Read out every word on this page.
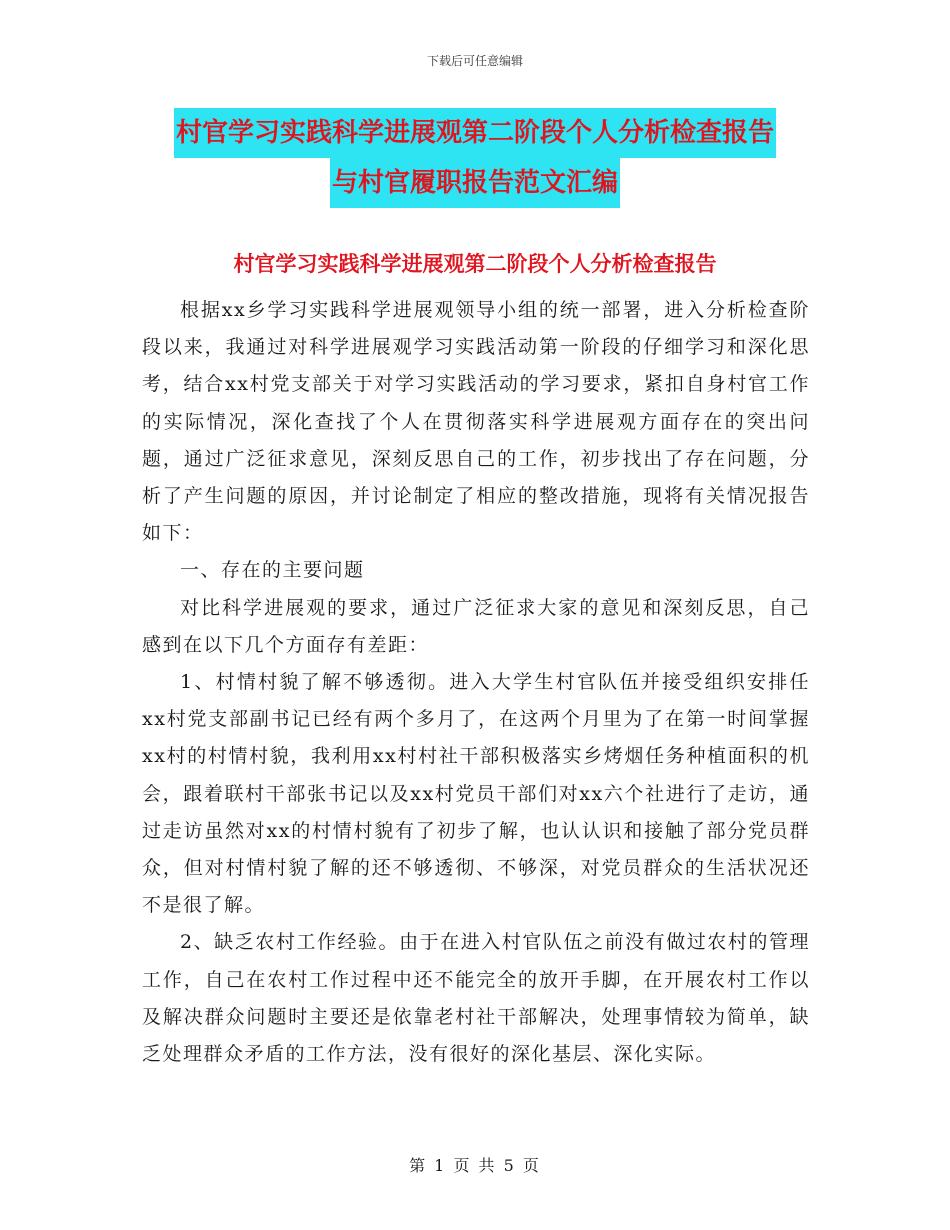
下载后可任意编辑
村官学习实践科学进展观第二阶段个人分析检查报告
与村官履职报告范文汇编
村官学习实践科学进展观第二阶段个人分析检查报告

根据xx乡学习实践科学进展观领导小组的统一部署，进入分析检查阶段以来，我通过对科学进展观学习实践活动第一阶段的仔细学习和深化思考，结合xx村党支部关于对学习实践活动的学习要求，紧扣自身村官工作的实际情况，深化查找了个人在贯彻落实科学进展观方面存在的突出问题，通过广泛征求意见，深刻反思自己的工作，初步找出了存在问题，分析了产生问题的原因，并讨论制定了相应的整改措施，现将有关情况报告如下：

一、存在的主要问题

对比科学进展观的要求，通过广泛征求大家的意见和深刻反思，自己感到在以下几个方面存有差距：

1、村情村貌了解不够透彻。进入大学生村官队伍并接受组织安排任xx村党支部副书记已经有两个多月了，在这两个月里为了在第一时间掌握xx村的村情村貌，我利用xx村村社干部积极落实乡烤烟任务种植面积的机会，跟着联村干部张书记以及xx村党员干部们对xx六个社进行了走访，通过走访虽然对xx的村情村貌有了初步了解，也认认识和接触了部分党员群众，但对村情村貌了解的还不够透彻、不够深，对党员群众的生活状况还不是很了解。

2、缺乏农村工作经验。由于在进入村官队伍之前没有做过农村的管理工作，自己在农村工作过程中还不能完全的放开手脚，在开展农村工作以及解决群众问题时主要还是依靠老村社干部解决，处理事情较为简单，缺乏处理群众矛盾的工作方法，没有很好的深化基层、深化实际。

第 1 页 共 5 页
